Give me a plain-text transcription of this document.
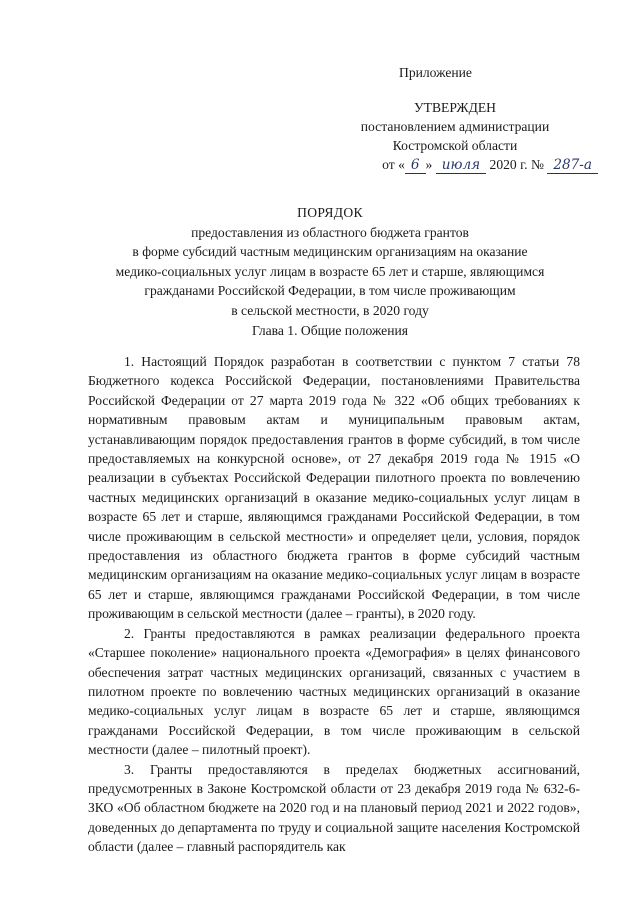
Приложение
УТВЕРЖДЕН
постановлением администрации
Костромской области
от « 6 » июля 2020 г. № 287-а
ПОРЯДОК
предоставления из областного бюджета грантов
в форме субсидий частным медицинским организациям на оказание
медико-социальных услуг лицам в возрасте 65 лет и старше, являющимся
гражданами Российской Федерации, в том числе проживающим
в сельской местности, в 2020 году
Глава 1. Общие положения

1. Настоящий Порядок разработан в соответствии с пунктом 7 статьи 78 Бюджетного кодекса Российской Федерации, постановлениями Правительства Российской Федерации от 27 марта 2019 года № 322 «Об общих требованиях к нормативным правовым актам и муниципальным правовым актам, устанавливающим порядок предоставления грантов в форме субсидий, в том числе предоставляемых на конкурсной основе», от 27 декабря 2019 года № 1915 «О реализации в субъектах Российской Федерации пилотного проекта по вовлечению частных медицинских организаций в оказание медико-социальных услуг лицам в возрасте 65 лет и старше, являющимся гражданами Российской Федерации, в том числе проживающим в сельской местности» и определяет цели, условия, порядок предоставления из областного бюджета грантов в форме субсидий частным медицинским организациям на оказание медико-социальных услуг лицам в возрасте 65 лет и старше, являющимся гражданами Российской Федерации, в том числе проживающим в сельской местности (далее – гранты), в 2020 году.

2. Гранты предоставляются в рамках реализации федерального проекта «Старшее поколение» национального проекта «Демография» в целях финансового обеспечения затрат частных медицинских организаций, связанных с участием в пилотном проекте по вовлечению частных медицинских организаций в оказание медико-социальных услуг лицам в возрасте 65 лет и старше, являющимся гражданами Российской Федерации, в том числе проживающим в сельской местности (далее – пилотный проект).

3. Гранты предоставляются в пределах бюджетных ассигнований, предусмотренных в Законе Костромской области от 23 декабря 2019 года № 632-6-ЗКО «Об областном бюджете на 2020 год и на плановый период 2021 и 2022 годов», доведенных до департамента по труду и социальной защите населения Костромской области (далее – главный распорядитель как
